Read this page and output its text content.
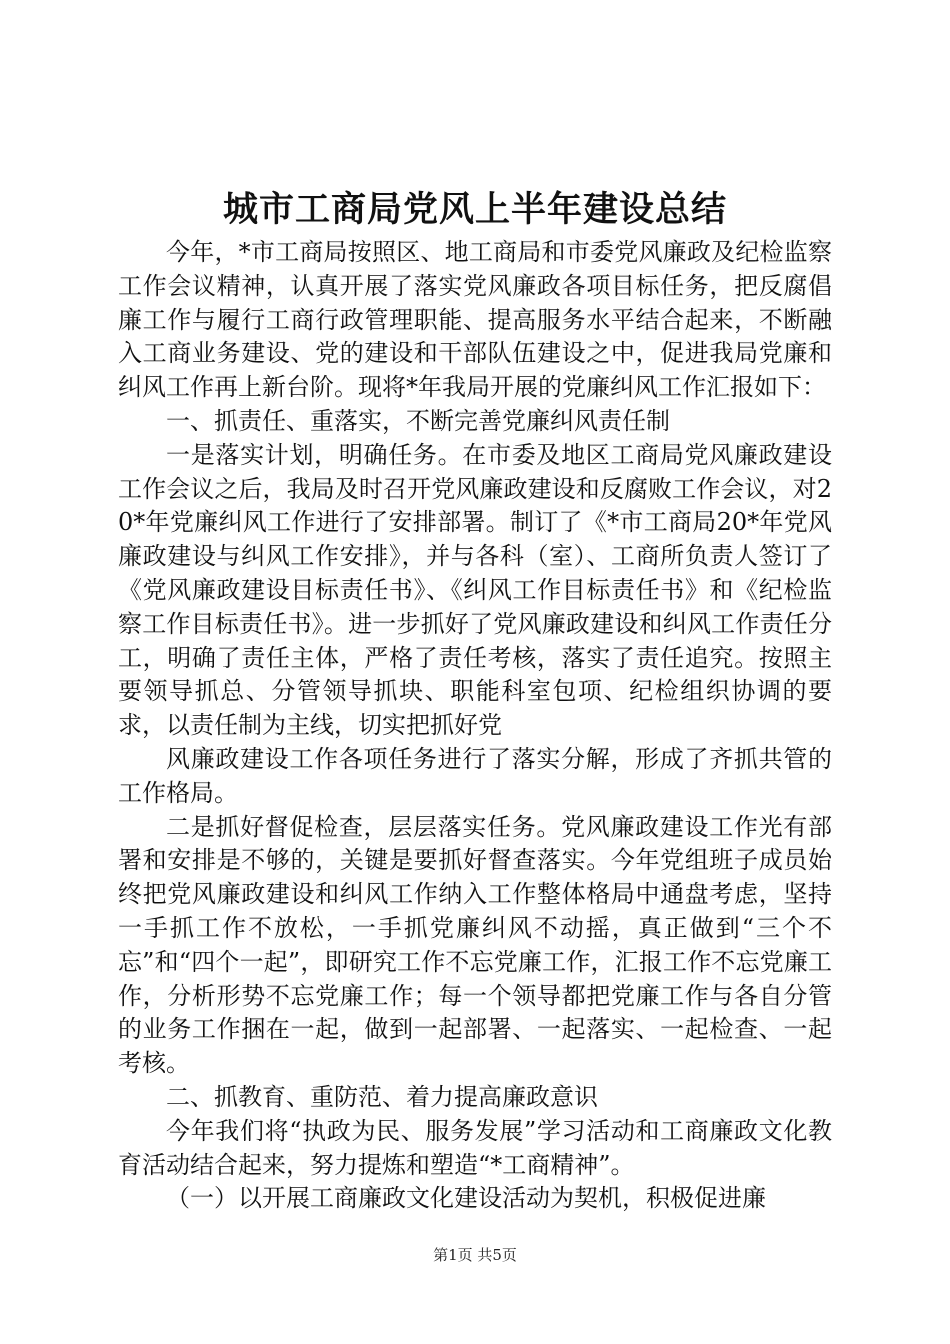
城市工商局党风上半年建设总结

今年，*市工商局按照区、地工商局和市委党风廉政及纪检监察工作会议精神，认真开展了落实党风廉政各项目标任务，把反腐倡廉工作与履行工商行政管理职能、提高服务水平结合起来，不断融入工商业务建设、党的建设和干部队伍建设之中，促进我局党廉和纠风工作再上新台阶。现将*年我局开展的党廉纠风工作汇报如下：

一、抓责任、重落实，不断完善党廉纠风责任制

一是落实计划，明确任务。在市委及地区工商局党风廉政建设工作会议之后，我局及时召开党风廉政建设和反腐败工作会议，对20*年党廉纠风工作进行了安排部署。制订了《*市工商局20*年党风廉政建设与纠风工作安排》，并与各科（室）、工商所负责人签订了《党风廉政建设目标责任书》、《纠风工作目标责任书》和《纪检监察工作目标责任书》。进一步抓好了党风廉政建设和纠风工作责任分工，明确了责任主体，严格了责任考核，落实了责任追究。按照主要领导抓总、分管领导抓块、职能科室包项、纪检组织协调的要求，以责任制为主线，切实把抓好党

风廉政建设工作各项任务进行了落实分解，形成了齐抓共管的工作格局。

二是抓好督促检查，层层落实任务。党风廉政建设工作光有部署和安排是不够的，关键是要抓好督查落实。今年党组班子成员始终把党风廉政建设和纠风工作纳入工作整体格局中通盘考虑，坚持一手抓工作不放松，一手抓党廉纠风不动摇，真正做到“三个不忘”和“四个一起”，即研究工作不忘党廉工作，汇报工作不忘党廉工作，分析形势不忘党廉工作；每一个领导都把党廉工作与各自分管的业务工作捆在一起，做到一起部署、一起落实、一起检查、一起考核。

二、抓教育、重防范、着力提高廉政意识

今年我们将“执政为民、服务发展”学习活动和工商廉政文化教育活动结合起来，努力提炼和塑造“*工商精神”。

（一）以开展工商廉政文化建设活动为契机，积极促进廉

第1页 共5页
